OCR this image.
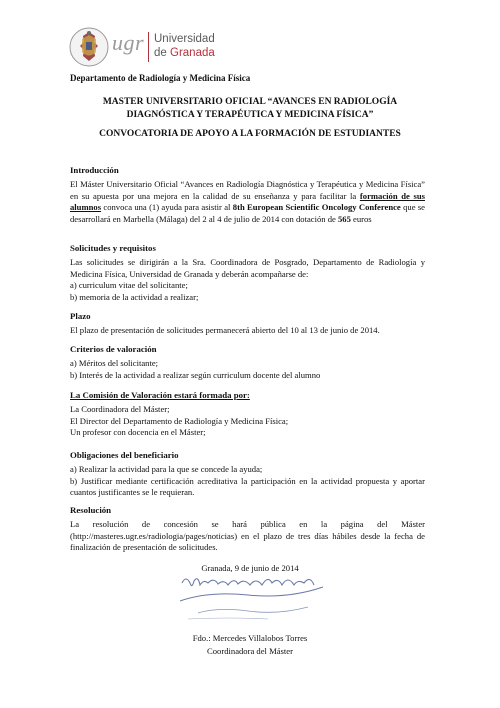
ugr Universidad
de Granada
Departamento de Radiología y Medicina Física
MASTER UNIVERSITARIO OFICIAL “AVANCES EN RADIOLOGÍA
DIAGNÓSTICA Y TERAPÉUTICA Y MEDICINA FÍSICA”
CONVOCATORIA DE APOYO A LA FORMACIÓN DE ESTUDIANTES
Introducción

El Máster Universitario Oficial “Avances en Radiología Diagnóstica y Terapéutica y Medicina Física” en su apuesta por una mejora en la calidad de su enseñanza y para facilitar la formación de sus alumnos convoca una (1) ayuda para asistir al 8th European Scientific Oncology Conference que se desarrollará en Marbella (Málaga) del 2 al 4 de julio de 2014 con dotación de 565 euros

Solicitudes y requisitos

Las solicitudes se dirigirán a la Sra. Coordinadora de Posgrado, Departamento de Radiología y Medicina Física, Universidad de Granada y deberán acompañarse de:

a) curriculum vitae del solicitante;
b) memoria de la actividad a realizar;
Plazo

El plazo de presentación de solicitudes permanecerá abierto del 10 al 13 de junio de 2014.

Criterios de valoración
a) Méritos del solicitante;
b) Interés de la actividad a realizar según curriculum docente del alumno
La Comisión de Valoración estará formada por:
La Coordinadora del Máster;
El Director del Departamento de Radiología y Medicina Física;
Un profesor con docencia en el Máster;
Obligaciones del beneficiario
a) Realizar la actividad para la que se concede la ayuda;
b) Justificar mediante certificación acreditativa la participación en la actividad propuesta y aportar cuantos justificantes se le requieran.
Resolución

La resolución de concesión se hará pública en la página del Máster (http://masteres.ugr.es/radiologia/pages/noticias) en el plazo de tres días hábiles desde la fecha de finalización de presentación de solicitudes.

Granada, 9 de junio de 2014
Fdo.: Mercedes Villalobos Torres
Coordinadora del Máster
